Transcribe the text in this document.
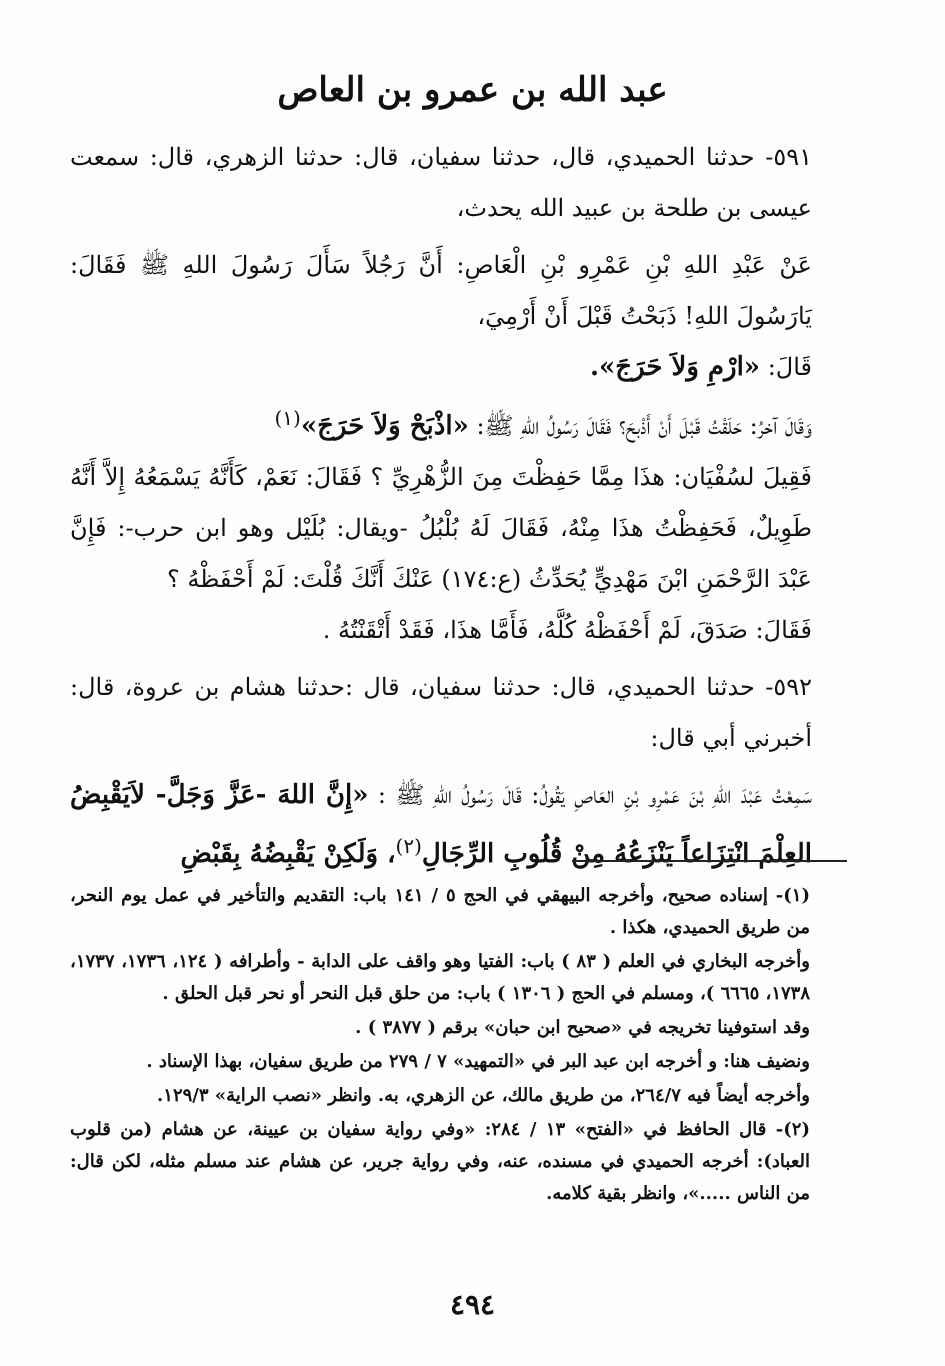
عبد الله بن عمرو بن العاص

٥٩١- حدثنا الحميدي، قال، حدثنا سفيان، قال: حدثنا الزهري، قال: سمعت عيسى بن طلحة بن عبيد الله يحدث،

عَنْ عَبْدِ اللهِ بْنِ عَمْرِو بْنِ الْعَاصِ: أَنَّ رَجُلاً سَأَلَ رَسُولَ اللهِ ﷺ فَقَالَ: يَارَسُولَ اللهِ! ذَبَحْتُ قَبْلَ أَنْ أَرْمِيَ،

قَالَ: «ارْمِ وَلاَ حَرَجَ».

وَقَالَ آخرُ: حَلَقْتُ قَبْلَ أَنْ أَذْبحَ؟ فَقَالَ رَسُولُ اللهِ ﷺ: «اذْبَحْ وَلاَ حَرَجَ»$^{(١)}$

فَقِيلَ لسُفْيَان: هذَا مِمَّا حَفِظْتَ مِنَ الزُّهْرِيِّ ؟ فَقَالَ: نَعَمْ، كَأَنَّهُ يَسْمَعُهُ إِلاَّ أَنَّهُ طَوِيلٌ، فَحَفِظْتُ هذَا مِنْهُ، فَقَالَ لَهُ بُلْبُلُ -ويقال: بُلَيْل وهو ابن حرب-: فَإِنَّ عَبْدَ الرَّحْمَنِ ابْنَ مَهْدِيٍّ يُحَدِّثُ (ع:١٧٤) عَنْكَ أَنَّكَ قُلْتَ: لَمْ أَحْفَظْهُ ؟

فَقَالَ: صَدَقَ، لَمْ أَحْفَظْهُ كُلَّهُ، فَأَمَّا هذَا، فَقَدْ أَتْقَنْتُهُ .

٥٩٢- حدثنا الحميدي، قال: حدثنا سفيان، قال :حدثنا هشام بن عروة، قال: أخبرني أبي قال:

سَمِعْتُ عَبْدَ اللهِ بْنَ عَمْرِو بْنِ العَاصِ يَقُولُ: قَالَ رَسُولُ اللهِ ﷺ : «إِنَّ اللهَ -عَزَّ وَجَلَّ- لاَيَقْبِضُ العِلْمَ انْتِزَاعاً يَنْزَعُهُ مِنْ قُلُوبِ الرِّجَالِ$^{(٢)}$، وَلَكِنْ يَقْبِضُهُ بِقَبْضِ

(١)- إسناده صحيح، وأخرجه البيهقي في الحج ٥ / ١٤١ باب: التقديم والتأخير في عمل يوم النحر، من طريق الحميدي، هكذا .

وأخرجه البخاري في العلم ( ٨٣ ) باب: الفتيا وهو واقف على الدابة - وأطرافه ( ١٢٤، ١٧٣٦، ١٧٣٧، ١٧٣٨، ٦٦٦٥ )، ومسلم في الحج ( ١٣٠٦ ) باب: من حلق قبل النحر أو نحر قبل الحلق .

وقد استوفينا تخريجه في «صحيح ابن حبان» برقم ( ٣٨٧٧ ) .

ونضيف هنا: و أخرجه ابن عبد البر في «التمهيد» ٧ / ٢٧٩ من طريق سفيان، بهذا الإسناد .

وأخرجه أيضاً فيه ٢٦٤/٧، من طريق مالك، عن الزهري، به. وانظر «نصب الراية» ١٢٩/٣.

(٢)- قال الحافظ في «الفتح» ١٣ / ٢٨٤: «وفي رواية سفيان بن عيينة، عن هشام (من قلوب العباد): أخرجه الحميدي في مسنده، عنه، وفي رواية جرير، عن هشام عند مسلم مثله، لكن قال: من الناس .....»، وانظر بقية كلامه.

٤٩٤
